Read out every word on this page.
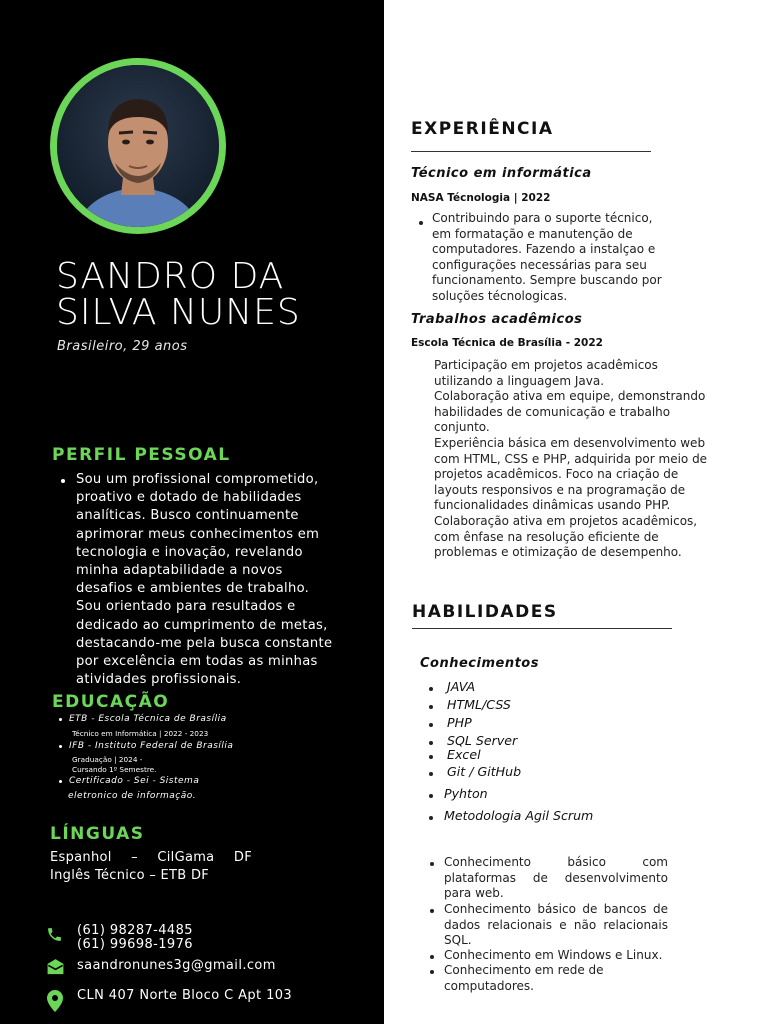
SANDRO DA
SILVA NUNES
Brasileiro, 29 anos
PERFIL PESSOAL
Sou um profissional comprometido, proativo e dotado de habilidades analíticas. Busco continuamente aprimorar meus conhecimentos em tecnologia e inovação, revelando minha adaptabilidade a novos desafios e ambientes de trabalho. Sou orientado para resultados e dedicado ao cumprimento de metas, destacando-me pela busca constante por excelência em todas as minhas atividades profissionais.
EDUCAÇÃO
ETB - Escola Técnica de Brasília
Técnico em Informática | 2022 - 2023
IFB - Instituto Federal de Brasília
Graduação | 2024 -
Cursando 1º Semestre.
Certificado - Sei - Sistema
eletronico de informação.
LÍNGUAS
Espanhol – CilGama DF
Inglês Técnico – ETB DF
(61) 98287-4485
(61) 99698-1976
saandronunes3g@gmail.com
CLN 407 Norte Bloco C Apt 103
EXPERIÊNCIA
Técnico em informática
NASA Técnologia | 2022
Contribuindo para o suporte técnico, em formatação e manutenção de computadores. Fazendo a instalçao e configurações necessárias para seu funcionamento. Sempre buscando por soluções técnologicas.
Trabalhos acadêmicos
Escola Técnica de Brasília - 2022
Participação em projetos acadêmicos utilizando a linguagem Java.
Colaboração ativa em equipe, demonstrando habilidades de comunicação e trabalho conjunto.
Experiência básica em desenvolvimento web com HTML, CSS e PHP, adquirida por meio de projetos acadêmicos. Foco na criação de layouts responsivos e na programação de funcionalidades dinâmicas usando PHP.
Colaboração ativa em projetos acadêmicos, com ênfase na resolução eficiente de problemas e otimização de desempenho.
HABILIDADES
Conhecimentos
JAVA
HTML/CSS
PHP
SQL Server
Excel
Git / GitHub
Pyhton
Metodologia Agil Scrum
Conhecimento básico com plataformas de desenvolvimento para web.
Conhecimento básico de bancos de dados relacionais e não relacionais SQL.
Conhecimento em Windows e Linux.
Conhecimento em rede de computadores.
